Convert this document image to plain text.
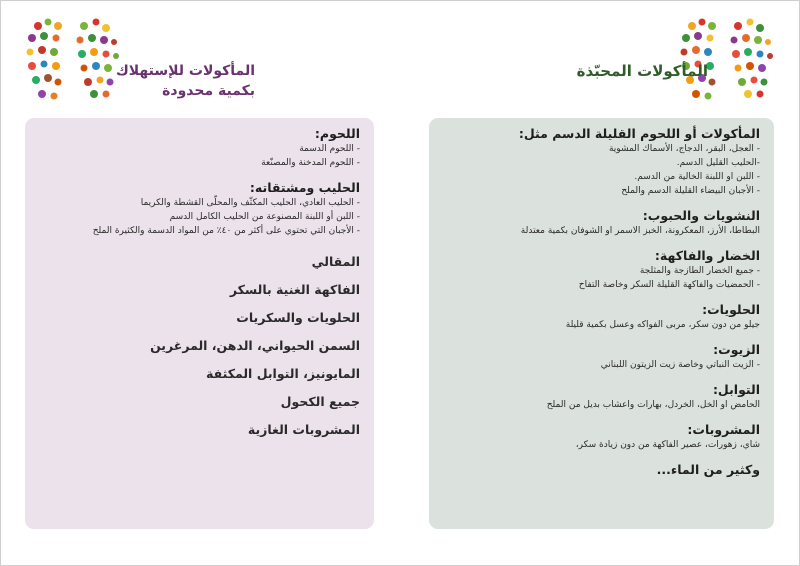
المأكولات المحبّذة
المأكولات للإستهلاك
بكمية محدودة
المأكولات أو اللحوم القليلة الدسم مثل:
- العجل، البقر، الدجاج، الأسماك المشوية
-الحليب القليل الدسم.
- اللبن او اللبنة الخالية من الدسم.
- الأجبان البيضاء القليلة الدسم والملح
النشويات والحبوب:
البطاطا، الأرز، المعكرونة، الخبز الاسمر او الشوفان بكمية معتدلة
الخضار والفاكهة:
- جميع الخضار الطازجة والمثلجة
- الحمضيات والفاكهة القليلة السكر وخاصة التفاح
الحلويات:
جيلو من دون سكر، مربى الفواكه وعسل بكمية قليلة
الزيوت:
- الزيت النباتي وخاصة زيت الزيتون اللبناني
التوابل:
الحامض او الخل، الخردل، بهارات واعشاب بديل من الملح
المشروبات:
شاي، زهورات، عصير الفاكهة من دون زيادة سكر،
وكثير من الماء...
اللحوم:
- اللحوم الدسمة
- اللحوم المدخنة والمصنّعة
الحليب ومشتقاته:
- الحليب العادي، الحليب المكثّف والمحلّى القشطة والكريما
- اللبن أو اللبنة المصنوعة من الحليب الكامل الدسم
- الأجبان التي تحتوي على أكثر من ٤٠٪ من المواد الدسمة والكثيرة الملح
المقالي
الفاكهة الغنية بالسكر
الحلويات والسكريات
السمن الحيواني، الدهن، المرغرين
المايونيز، التوابل المكثفة
جميع الكحول
المشروبات الغازية
